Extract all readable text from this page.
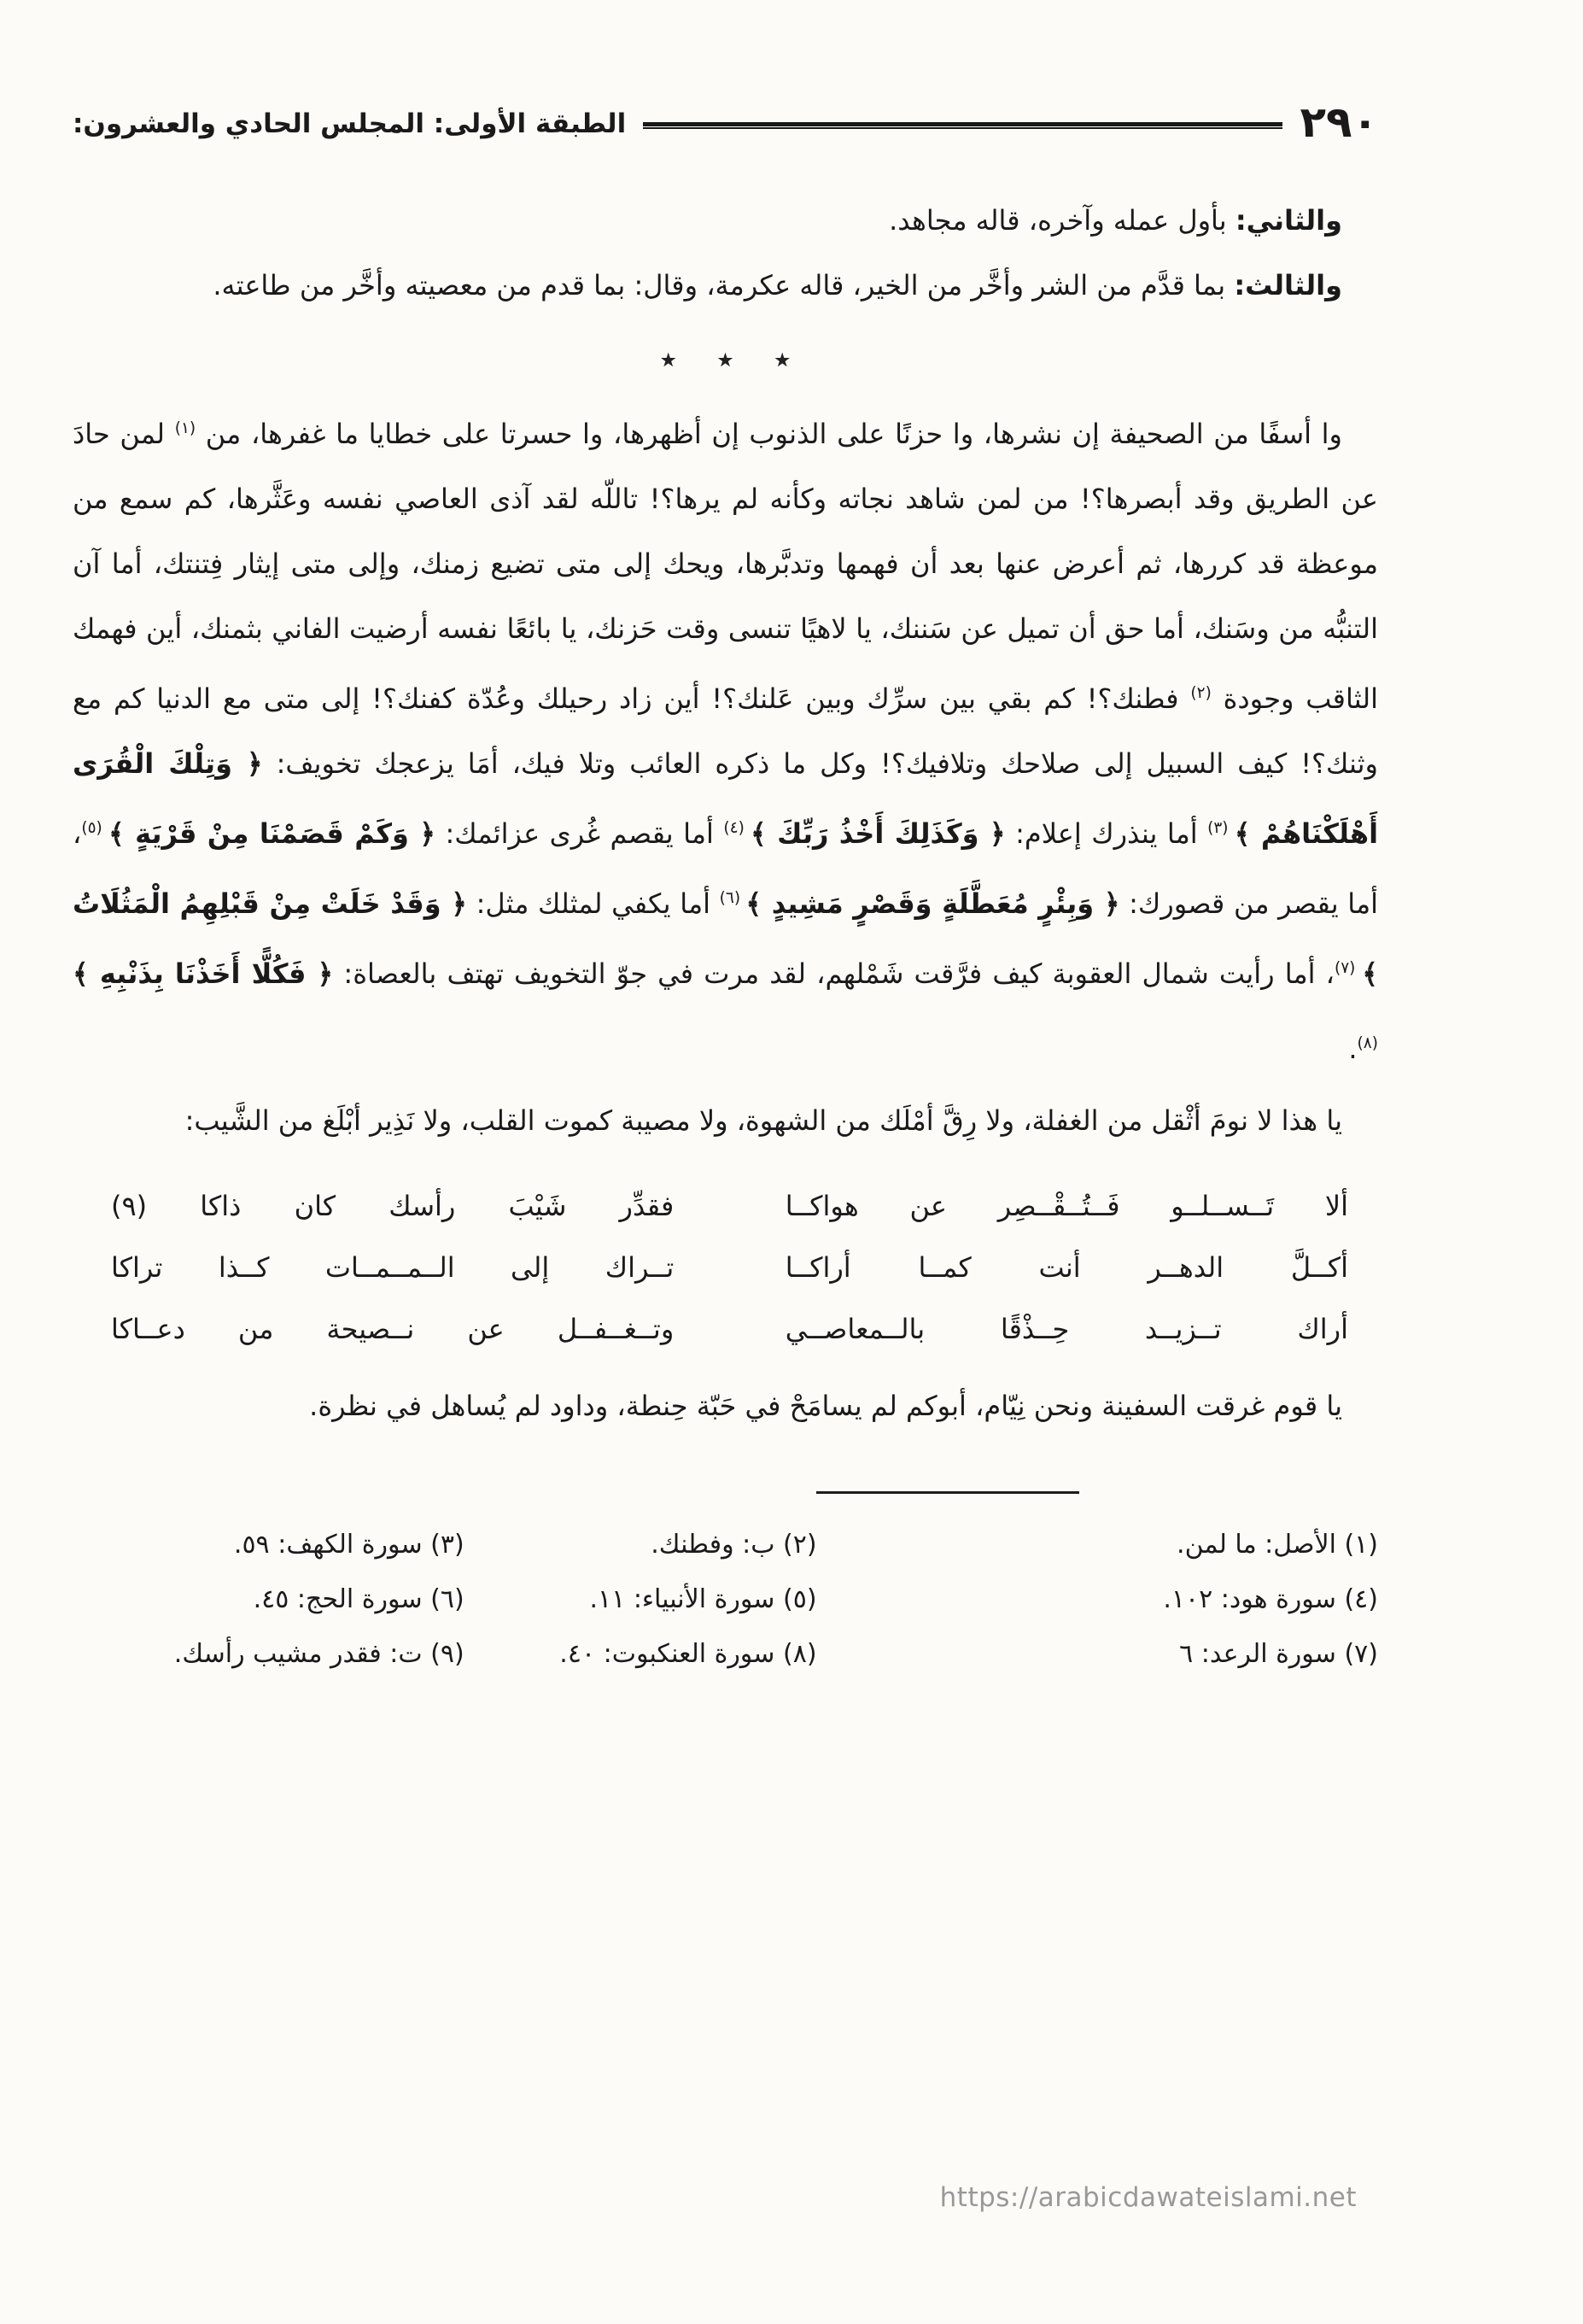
٢٩٠
الطبقة الأولى: المجلس الحادي والعشرون:

والثاني: بأول عمله وآخره، قاله مجاهد.

والثالث: بما قدَّم من الشر وأخَّر من الخير، قاله عكرمة، وقال: بما قدم من معصيته وأخَّر من طاعته.

٭ ٭ ٭

وا أسفًا من الصحيفة إن نشرها، وا حزنًا على الذنوب إن أظهرها، وا حسرتا على خطايا ما غفرها، من $^{(١)}$ لمن حادَ عن الطريق وقد أبصرها؟! من لمن شاهد نجاته وكأنه لم يرها؟! تاللّه لقد آذى العاصي نفسه وعَثَّرها، كم سمع من موعظة قد كررها، ثم أعرض عنها بعد أن فهمها وتدبَّرها، ويحك إلى متى تضيع زمنك، وإلى متى إيثار فِتنتك، أما آن التنبُّه من وسَنك، أما حق أن تميل عن سَننك، يا لاهيًا تنسى وقت حَزنك، يا بائعًا نفسه أرضيت الفاني بثمنك، أين فهمك الثاقب وجودة $^{(٢)}$ فطنك؟! كم بقي بين سرِّك وبين عَلنك؟! أين زاد رحيلك وعُدّة كفنك؟! إلى متى مع الدنيا كم مع وثنك؟! كيف السبيل إلى صلاحك وتلافيك؟! وكل ما ذكره العائب وتلا فيك، أمَا يزعجك تخويف: ﴿ وَتِلْكَ الْقُرَى أَهْلَكْنَاهُمْ ﴾ $^{(٣)}$ أما ينذرك إعلام: ﴿ وَكَذَلِكَ أَخْذُ رَبِّكَ ﴾ $^{(٤)}$ أما يقصم غُرى عزائمك: ﴿ وَكَمْ قَصَمْنَا مِنْ قَرْيَةٍ ﴾ $^{(٥)}$، أما يقصر من قصورك: ﴿ وَبِئْرٍ مُعَطَّلَةٍ وَقَصْرٍ مَشِيدٍ ﴾ $^{(٦)}$ أما يكفي لمثلك مثل: ﴿ وَقَدْ خَلَتْ مِنْ قَبْلِهِمُ الْمَثُلَاتُ ﴾ $^{(٧)}$، أما رأيت شمال العقوبة كيف فرَّقت شَمْلهم، لقد مرت في جوّ التخويف تهتف بالعصاة: ﴿ فَكُلًّا أَخَذْنَا بِذَنْبِهِ ﴾ $^{(٨)}$.

يا هذا لا نومَ أثْقل من الغفلة، ولا رِقَّ أمْلَك من الشهوة، ولا مصيبة كموت القلب، ولا نَذِير أبْلَغ من الشَّيب:

ألا تَــســلــو فَــتُــقْــصِر عن هواكــا
فقدِّر شَيْبَ رأسك كان ذاكا (٩)
أكــلَّ الدهــر أنت كمــا أراكــا
تــراك إلى الــمــمــات كــذا تراكا
أراك تــزيــد حِــذْقًا بالــمعاصــي
وتــغــفــل عن نــصيحة من دعــاكا

يا قوم غرقت السفينة ونحن نِيّام، أبوكم لم يسامَحْ في حَبّة حِنطة، وداود لم يُساهل في نظرة.

(١) الأصل: ما لمن.
(٢) ب: وفطنك.
(٣) سورة الكهف: ٥٩.
(٤) سورة هود: ١٠٢.
(٥) سورة الأنبياء: ١١.
(٦) سورة الحج: ٤٥.
(٧) سورة الرعد: ٦
(٨) سورة العنكبوت: ٤٠.
(٩) ت: فقدر مشيب رأسك.
https://arabicdawateislami.net
